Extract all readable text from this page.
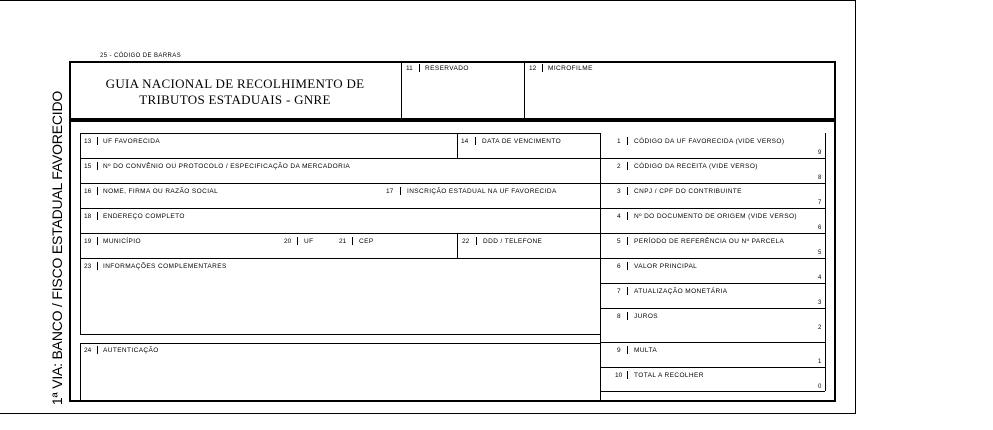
1ª VIA: BANCO / FISCO ESTADUAL FAVORECIDO
25 - CÓDIGO DE BARRAS
GUIA NACIONAL DE RECOLHIMENTO DE
TRIBUTOS ESTADUAIS - GNRE
11 RESERVADO	12 MICROFILME
13 UF FAVORECIDA	14 DATA DE VENCIMENTO
15 Nº DO CONVÊNIO OU PROTOCOLO / ESPECIFICAÇÃO DA MERCADORIA
16 NOME, FIRMA OU RAZÃO SOCIAL	17 INSCRIÇÃO ESTADUAL NA UF FAVORECIDA
18 ENDEREÇO COMPLETO
19 MUNICÍPIO	20 UF	21 CEP	22 DDD / TELEFONE
23 INFORMAÇÕES COMPLEMENTARES
24 AUTENTICAÇÃO
1 CÓDIGO DA UF FAVORECIDA (VIDE VERSO)
9
2 CÓDIGO DA RECEITA (VIDE VERSO)
8
3 CNPJ / CPF DO CONTRIBUINTE
7
4 Nº DO DOCUMENTO DE ORIGEM (VIDE VERSO)
6
5 PERÍODO DE REFERÊNCIA OU Nº PARCELA
5
6 VALOR PRINCIPAL
4
7 ATUALIZAÇÃO MONETÁRIA
3
8 JUROS
2
9 MULTA
1
10 TOTAL A RECOLHER
0
